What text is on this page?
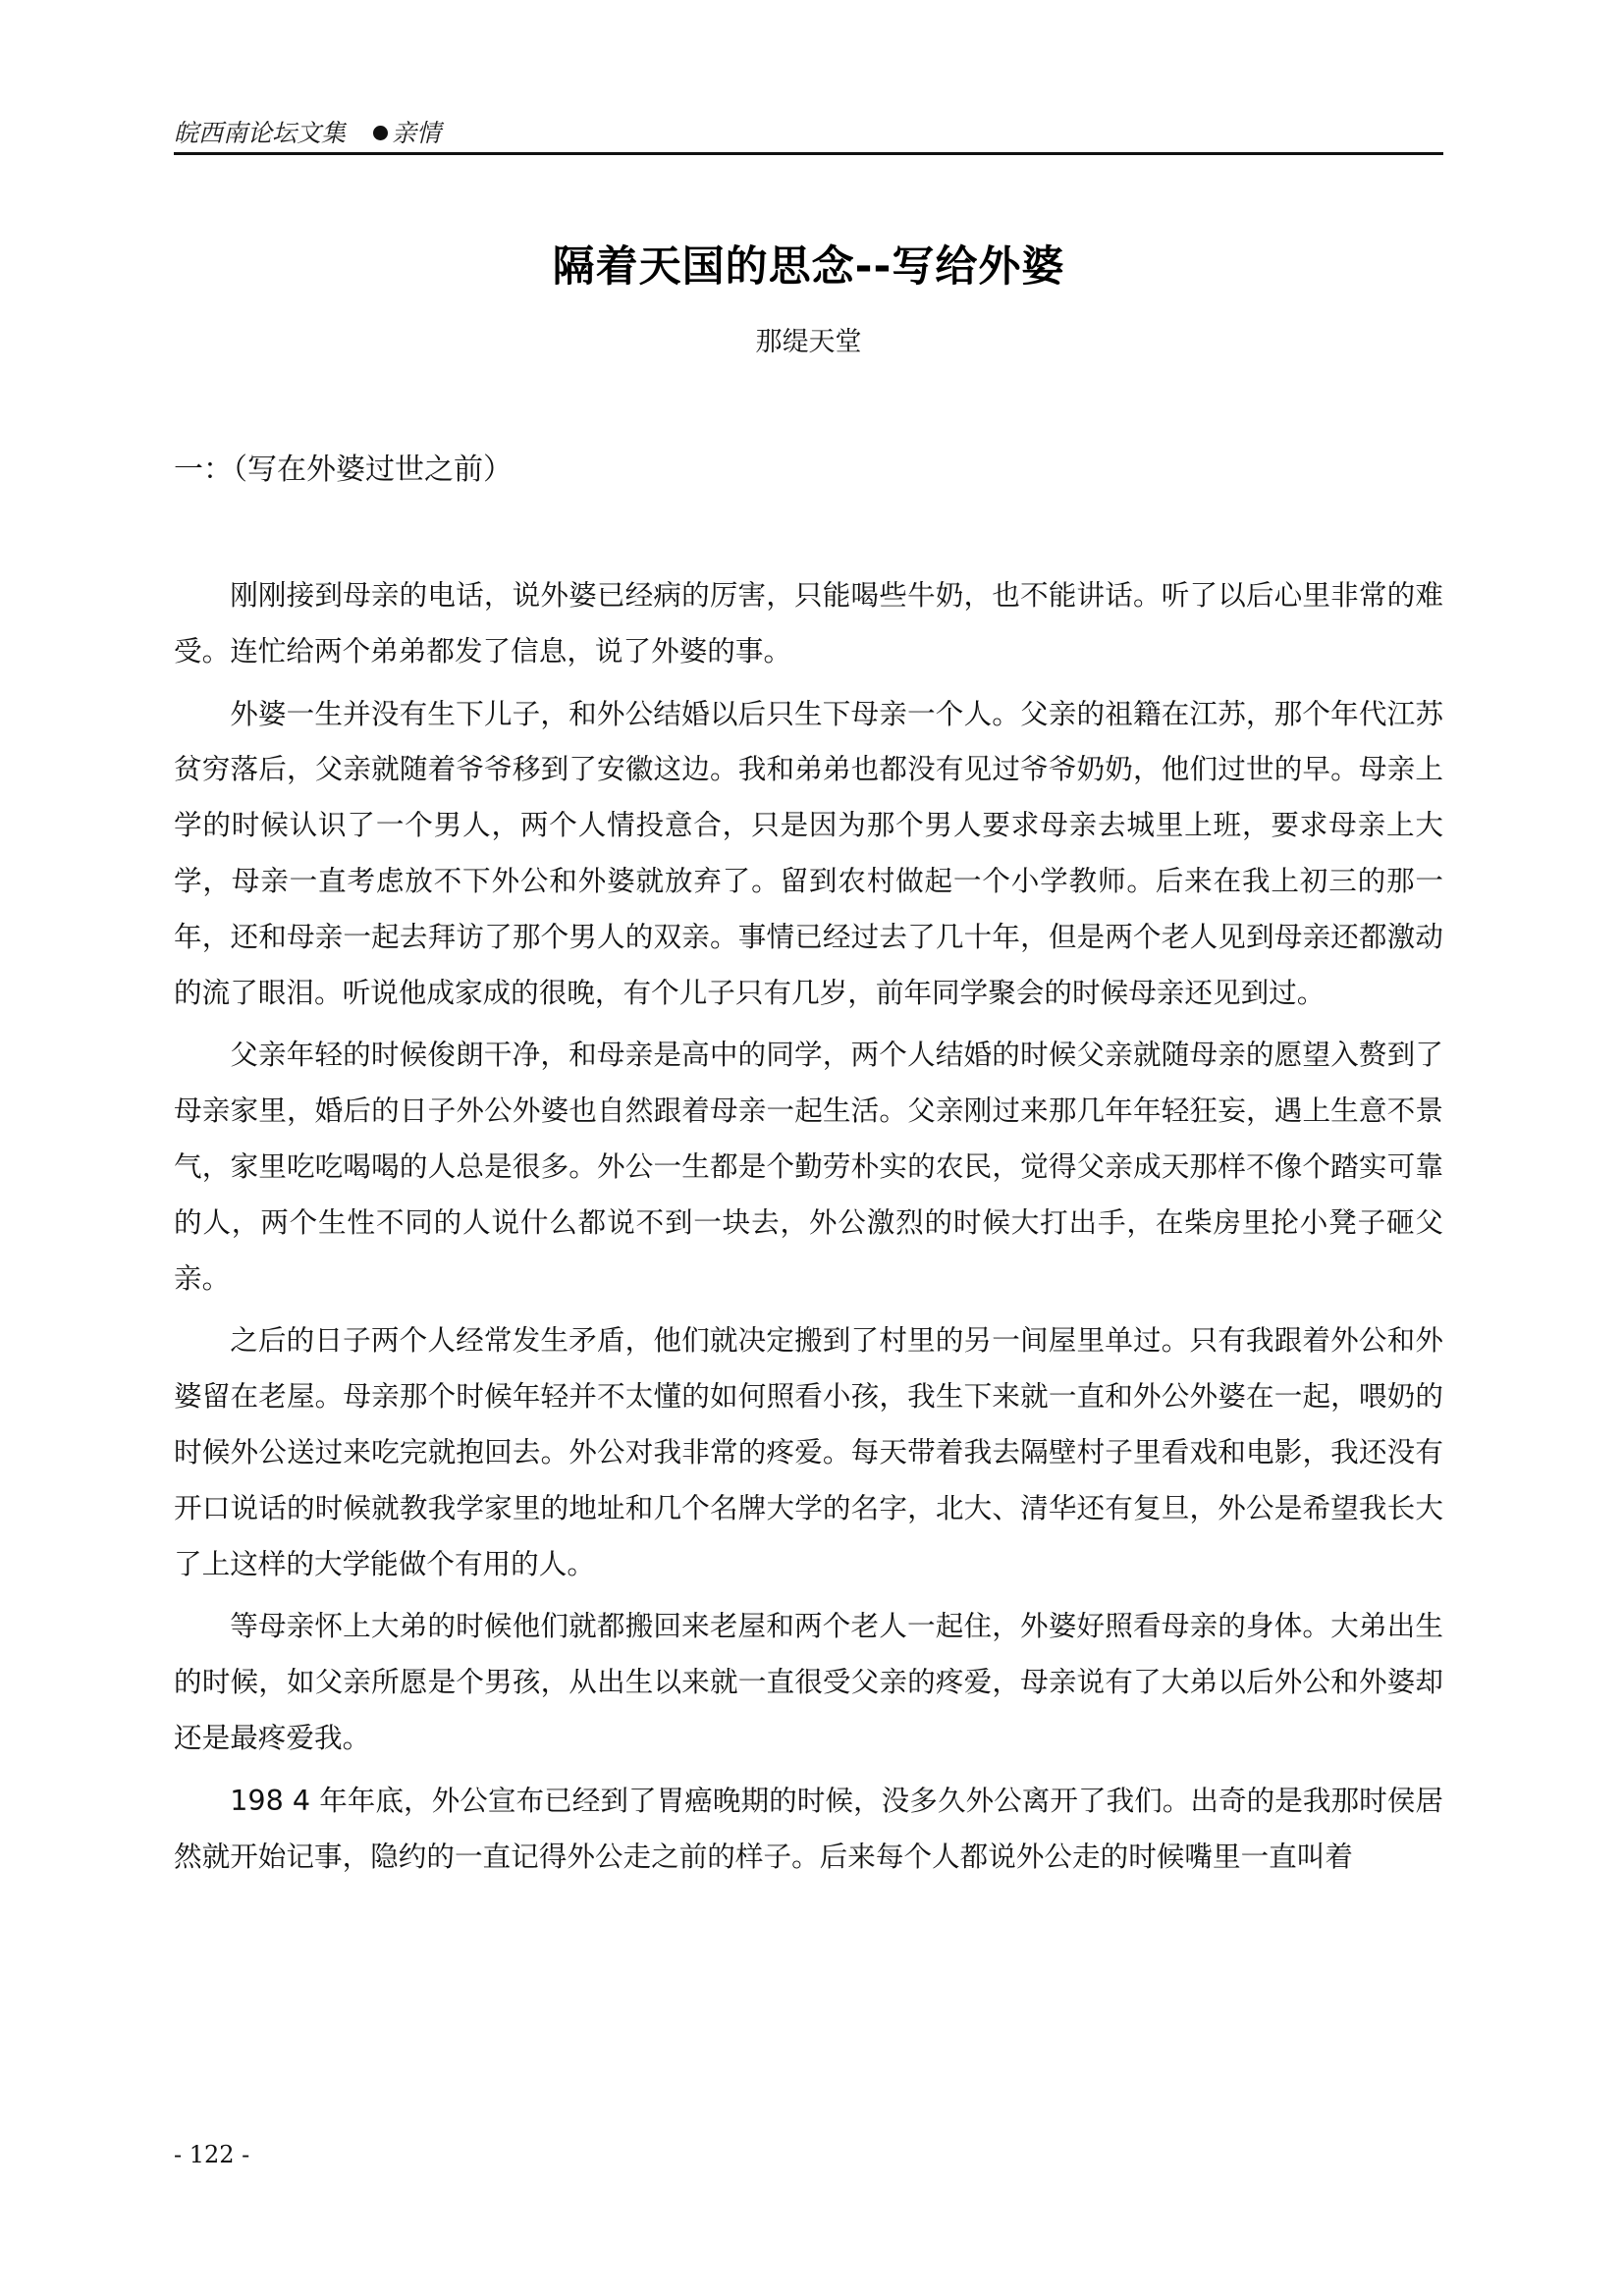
皖西南论坛文集 亲情
隔着天国的思念--写给外婆
那缇天堂
一：（写在外婆过世之前）

刚刚接到母亲的电话，说外婆已经病的厉害，只能喝些牛奶，也不能讲话。听了以后心里非常的难受。连忙给两个弟弟都发了信息，说了外婆的事。

外婆一生并没有生下儿子，和外公结婚以后只生下母亲一个人。父亲的祖籍在江苏，那个年代江苏贫穷落后，父亲就随着爷爷移到了安徽这边。我和弟弟也都没有见过爷爷奶奶，他们过世的早。母亲上学的时候认识了一个男人，两个人情投意合，只是因为那个男人要求母亲去城里上班，要求母亲上大学，母亲一直考虑放不下外公和外婆就放弃了。留到农村做起一个小学教师。后来在我上初三的那一年，还和母亲一起去拜访了那个男人的双亲。事情已经过去了几十年，但是两个老人见到母亲还都激动的流了眼泪。听说他成家成的很晚，有个儿子只有几岁，前年同学聚会的时候母亲还见到过。

父亲年轻的时候俊朗干净，和母亲是高中的同学，两个人结婚的时候父亲就随母亲的愿望入赘到了母亲家里，婚后的日子外公外婆也自然跟着母亲一起生活。父亲刚过来那几年年轻狂妄，遇上生意不景气，家里吃吃喝喝的人总是很多。外公一生都是个勤劳朴实的农民，觉得父亲成天那样不像个踏实可靠的人，两个生性不同的人说什么都说不到一块去，外公激烈的时候大打出手，在柴房里抡小凳子砸父亲。

之后的日子两个人经常发生矛盾，他们就决定搬到了村里的另一间屋里单过。只有我跟着外公和外婆留在老屋。母亲那个时候年轻并不太懂的如何照看小孩，我生下来就一直和外公外婆在一起，喂奶的时候外公送过来吃完就抱回去。外公对我非常的疼爱。每天带着我去隔壁村子里看戏和电影，我还没有开口说话的时候就教我学家里的地址和几个名牌大学的名字，北大、清华还有复旦，外公是希望我长大了上这样的大学能做个有用的人。

等母亲怀上大弟的时候他们就都搬回来老屋和两个老人一起住，外婆好照看母亲的身体。大弟出生的时候，如父亲所愿是个男孩，从出生以来就一直很受父亲的疼爱，母亲说有了大弟以后外公和外婆却还是最疼爱我。

198 4 年年底，外公宣布已经到了胃癌晚期的时候，没多久外公离开了我们。出奇的是我那时侯居然就开始记事，隐约的一直记得外公走之前的样子。后来每个人都说外公走的时候嘴里一直叫着

- 122 -
